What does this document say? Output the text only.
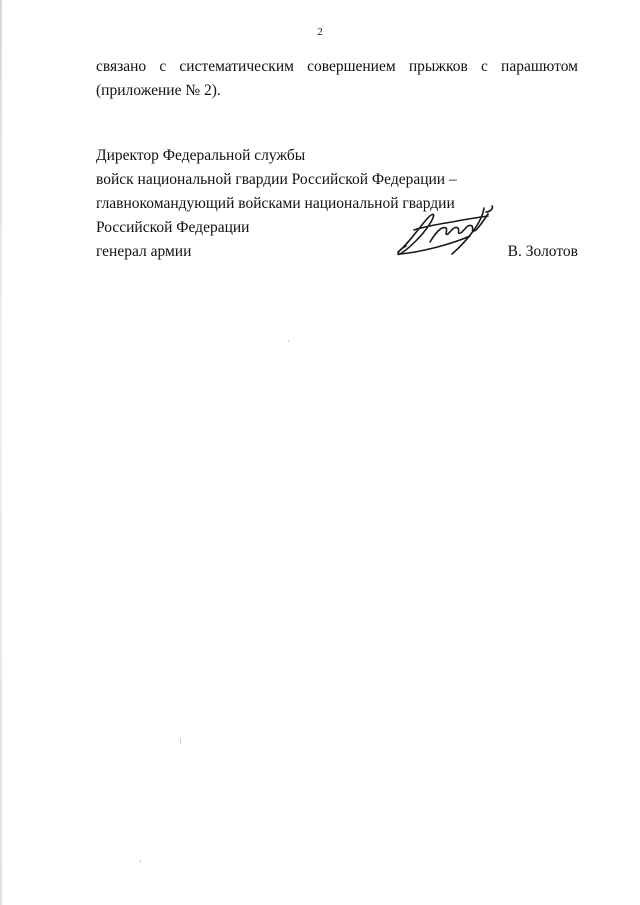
2
связано с систематическим совершением прыжков с парашютом
(приложение № 2).
Директор Федеральной службы
войск национальной гвардии Российской Федерации –
главнокомандующий войсками национальной гвардии
Российской Федерации
генерал армии	В. Золотов
